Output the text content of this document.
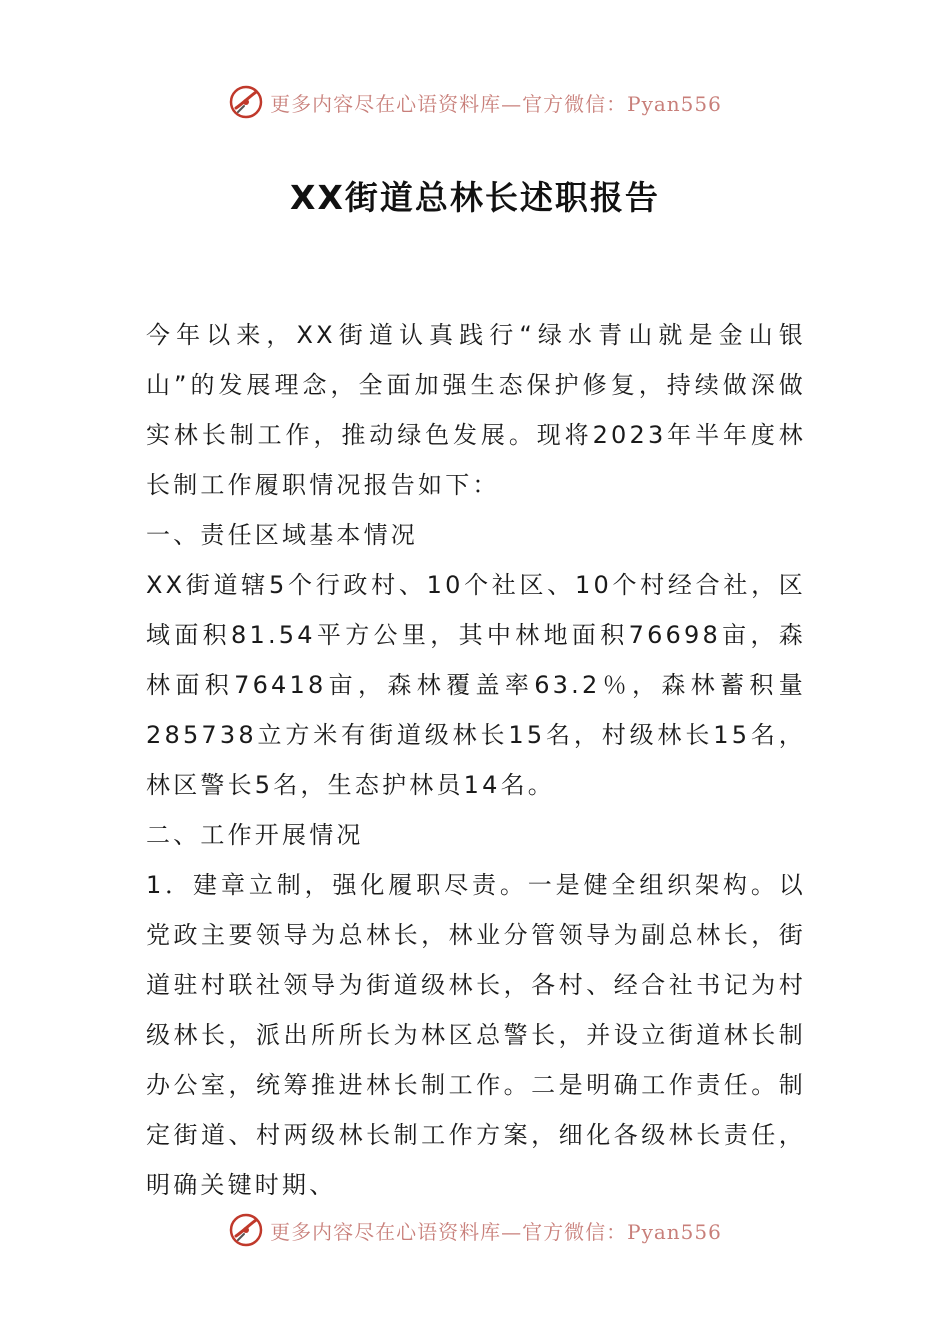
更多内容尽在心语资料库—官方微信：Pyan556
XX街道总林长述职报告

今年以来，XX街道认真践行“绿水青山就是金山银山”的发展理念，全面加强生态保护修复，持续做深做实林长制工作，推动绿色发展。现将2023年半年度林长制工作履职情况报告如下：

一、责任区域基本情况

XX街道辖5个行政村、10个社区、10个村经合社，区域面积81.54平方公里，其中林地面积76698亩，森林面积76418亩，森林覆盖率63.2％，森林蓄积量285738立方米有街道级林长15名，村级林长15名，林区警长5名，生态护林员14名。

二、工作开展情况

1．建章立制，强化履职尽责。一是健全组织架构。以党政主要领导为总林长，林业分管领导为副总林长，街道驻村联社领导为街道级林长，各村、经合社书记为村级林长，派出所所长为林区总警长，并设立街道林长制办公室，统筹推进林长制工作。二是明确工作责任。制定街道、村两级林长制工作方案，细化各级林长责任，明确关键时期、

更多内容尽在心语资料库—官方微信：Pyan556
